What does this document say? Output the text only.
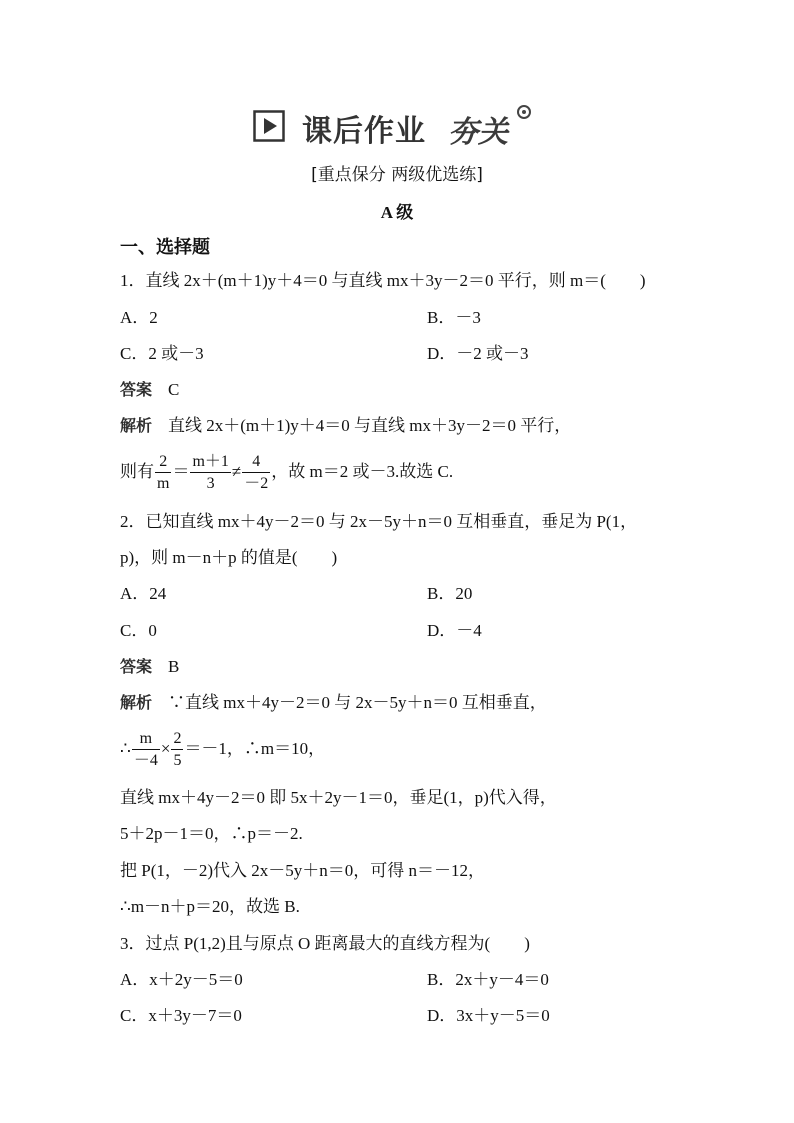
课后作业 夯关
[重点保分 两级优选练]
A 级
一、选择题
1．直线 2x＋(m＋1)y＋4＝0 与直线 mx＋3y－2＝0 平行，则 m＝(　　)
A．2	B．－3
C．2 或－3	D．－2 或－3
答案 C
解析 直线 2x＋(m＋1)y＋4＝0 与直线 mx＋3y－2＝0 平行，
则有 $\frac{2}{m} = \frac{m+1}{3} \ne \frac{4}{-2}$ ，故 m＝2 或－3.故选 C.
2．已知直线 mx＋4y－2＝0 与 2x－5y＋n＝0 互相垂直，垂足为 P(1，
p)，则 m－n＋p 的值是(　　)
A．24	B．20
C．0	D．－4
答案 B
解析 ∵直线 mx＋4y－2＝0 与 2x－5y＋n＝0 互相垂直，
∴ $\frac{m}{-4} \times \frac{2}{5} =-1$，∴m＝10，
直线 mx＋4y－2＝0 即 5x＋2y－1＝0，垂足(1，p)代入得，
5＋2p－1＝0，∴p＝－2.
把 P(1，－2)代入 2x－5y＋n＝0，可得 n＝－12，
∴m－n＋p＝20，故选 B.
3．过点 P(1,2)且与原点 O 距离最大的直线方程为(　　)
A．x＋2y－5＝0	B．2x＋y－4＝0
C．x＋3y－7＝0	D．3x＋y－5＝0
